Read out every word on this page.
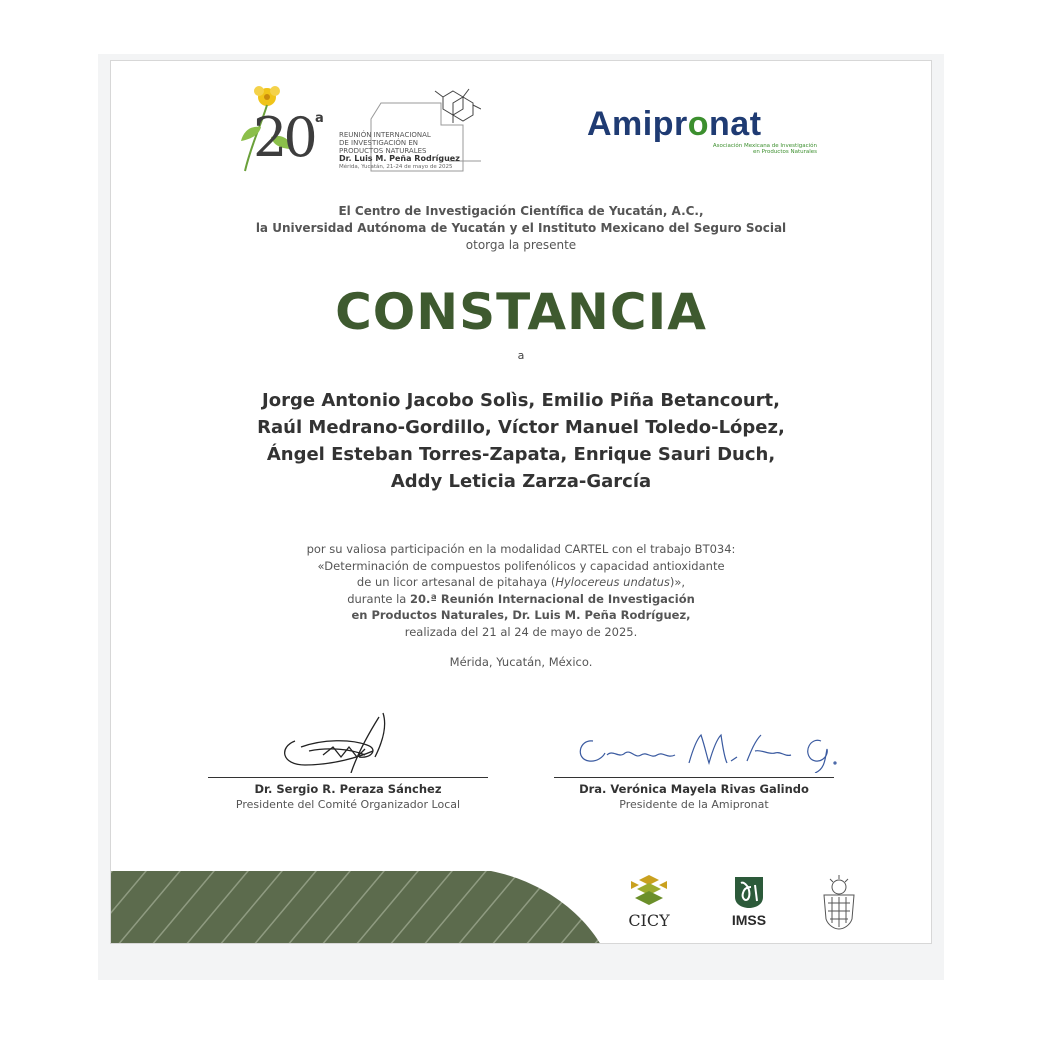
20 a
REUNIÓN INTERNACIONAL
DE INVESTIGACIÓN EN
PRODUCTOS NATURALES
Dr. Luis M. Peña Rodríguez
Mérida, Yucatán, 21-24 de mayo de 2025
Amipronat
Asociación Mexicana de Investigación
en Productos Naturales
El Centro de Investigación Científica de Yucatán, A.C.,
la Universidad Autónoma de Yucatán y el Instituto Mexicano del Seguro Social
otorga la presente
CONSTANCIA
a
Jorge Antonio Jacobo Solìs, Emilio Piña Betancourt,
Raúl Medrano-Gordillo, Víctor Manuel Toledo-López,
Ángel Esteban Torres-Zapata, Enrique Sauri Duch,
Addy Leticia Zarza-García
por su valiosa participación en la modalidad CARTEL con el trabajo BT034:
«Determinación de compuestos polifenólicos y capacidad antioxidante
de un licor artesanal de pitahaya (Hylocereus undatus)»,
durante la 20.ª Reunión Internacional de Investigación
en Productos Naturales, Dr. Luis M. Peña Rodríguez,
realizada del 21 al 24 de mayo de 2025.
Mérida, Yucatán, México.
Dr. Sergio R. Peraza Sánchez
Presidente del Comité Organizador Local
Dra. Verónica Mayela Rivas Galindo
Presidente de la Amipronat
CICY	IMSS
